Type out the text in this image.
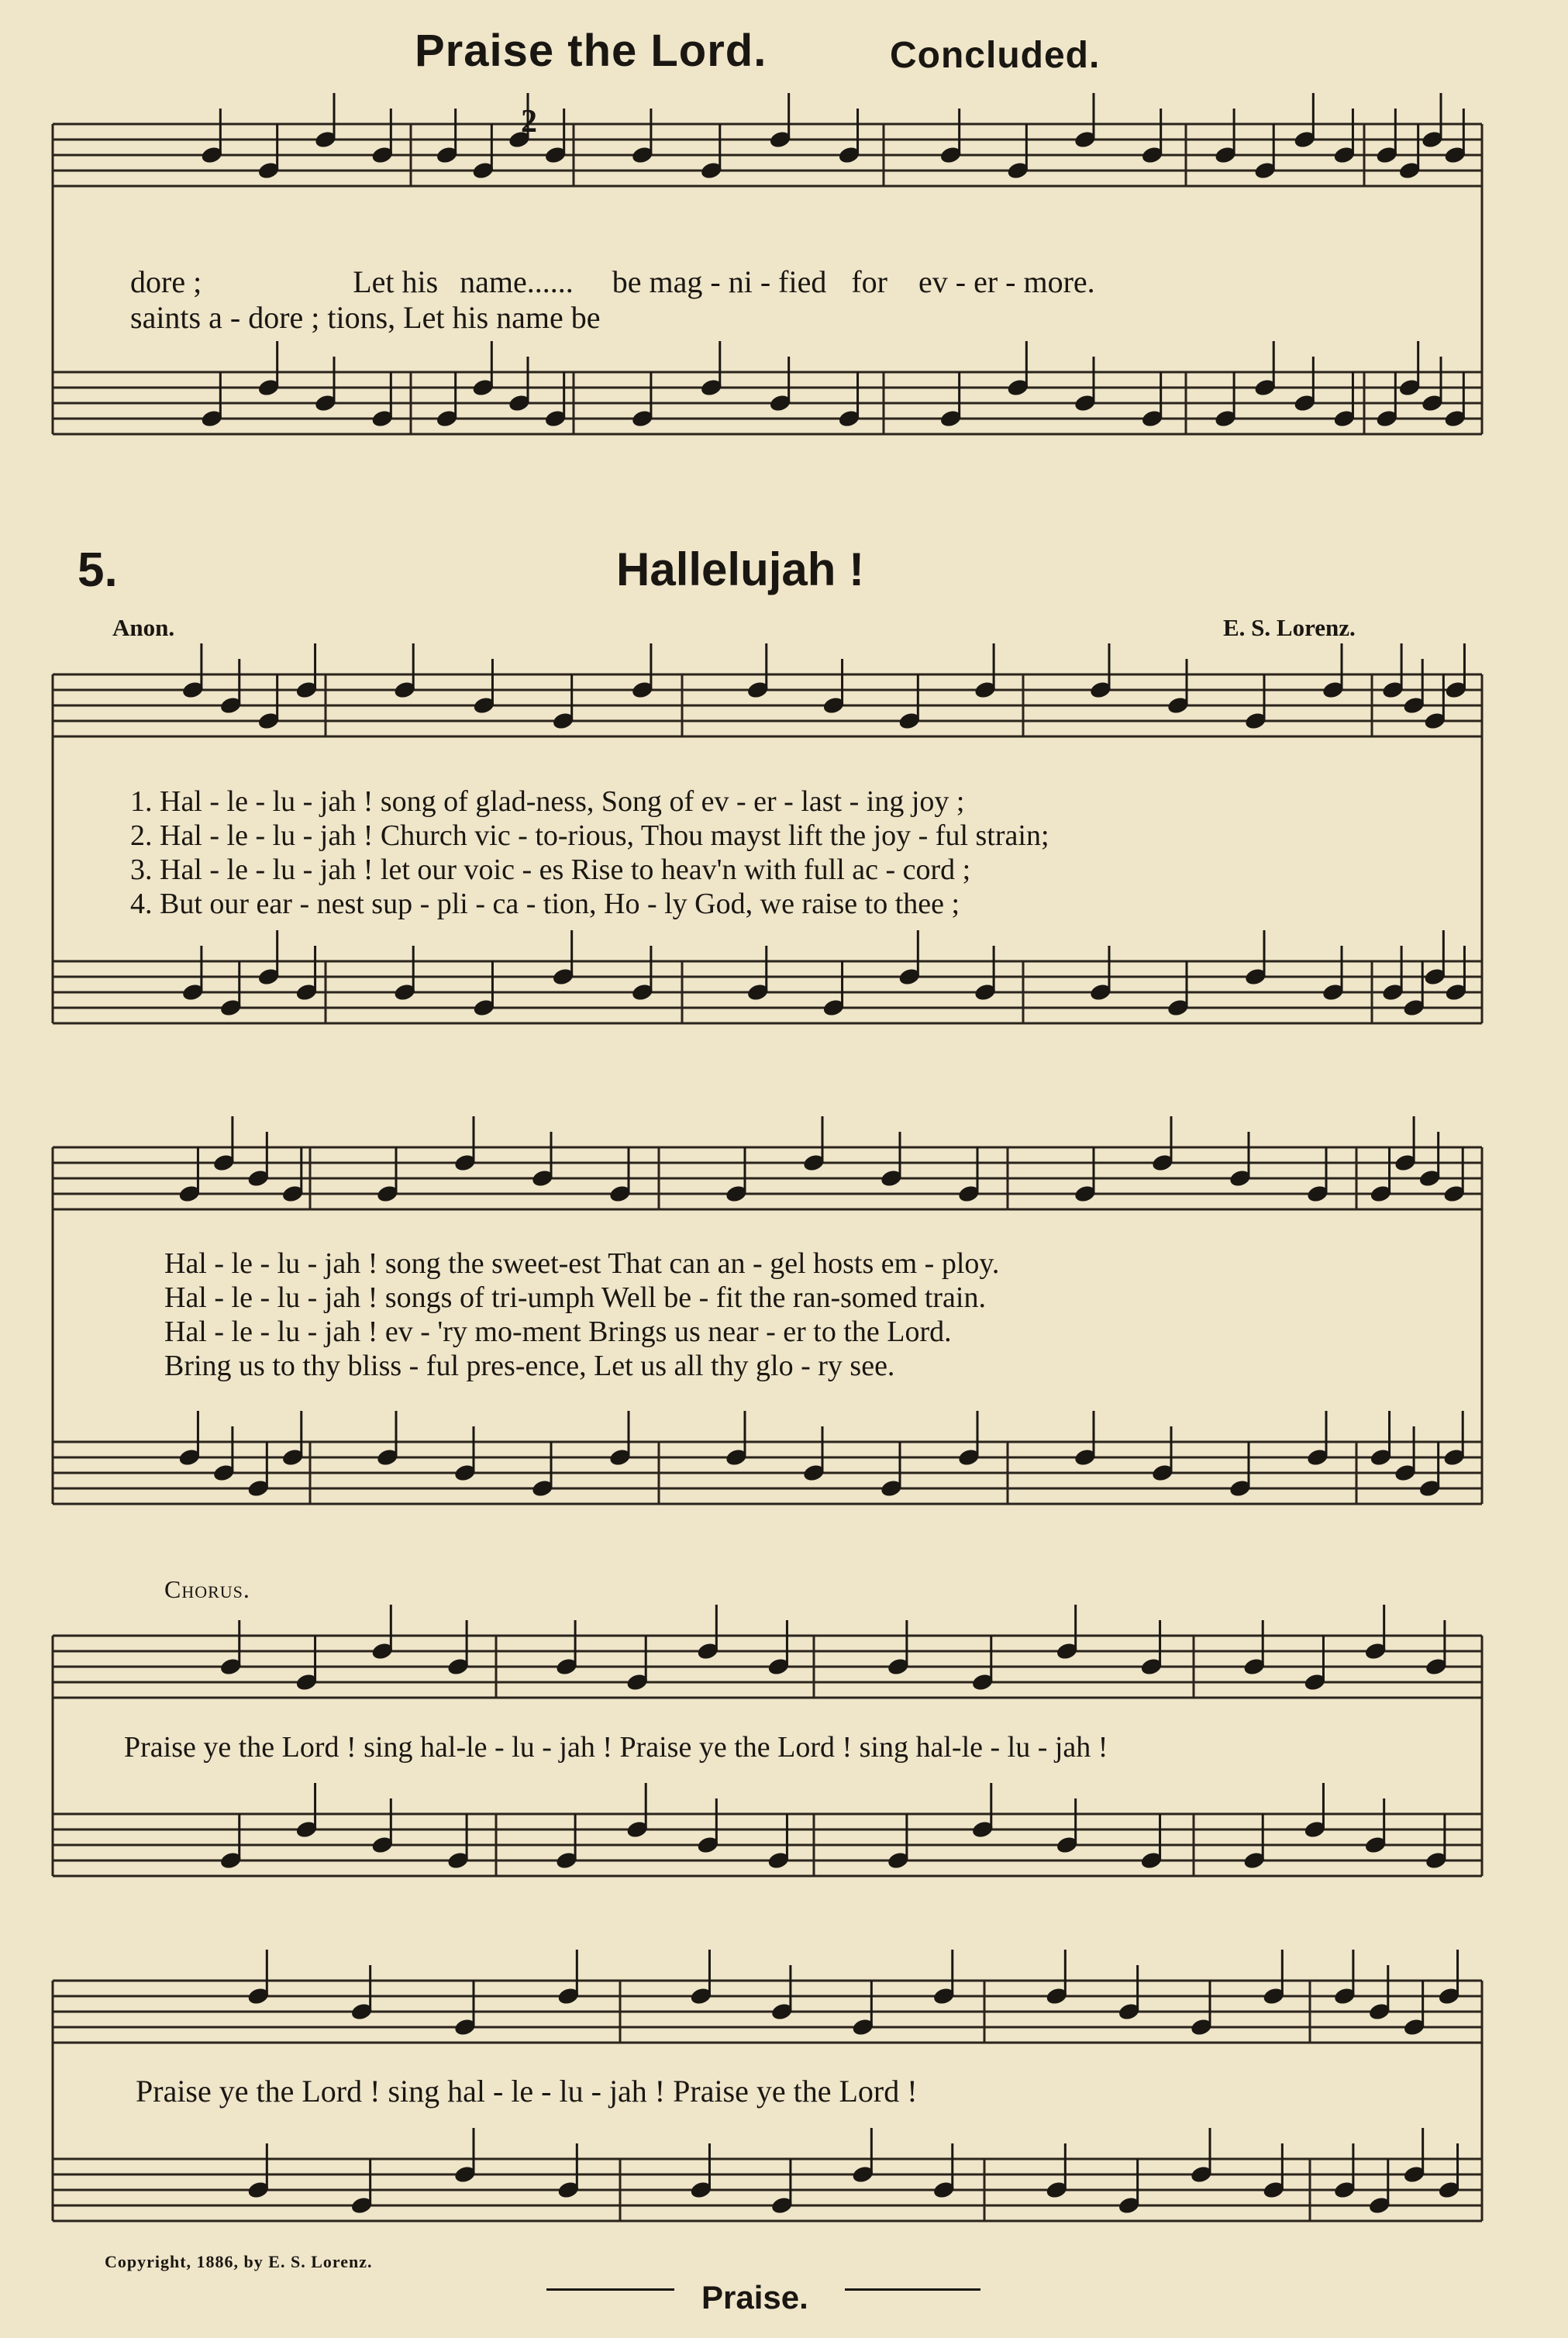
Praise the Lord.	Concluded.
2
dore ;	Let his name...... be mag - ni - fied for ev - er - more.
saints a - dore ; tions, Let his name be
5.	Hallelujah !
Anon.	E. S. Lorenz.
1. Hal - le - lu - jah ! song of glad-ness, Song of ev - er - last - ing joy ;
2. Hal - le - lu - jah ! Church vic - to-rious, Thou mayst lift the joy - ful strain;
3. Hal - le - lu - jah ! let our voic - es Rise to heav'n with full ac - cord ;
4. But our ear - nest sup - pli - ca - tion, Ho - ly God, we raise to thee ;
Hal - le - lu - jah ! song the sweet-est That can an - gel hosts em - ploy.
Hal - le - lu - jah ! songs of tri-umph Well be - fit the ran-somed train.
Hal - le - lu - jah ! ev - 'ry mo-ment Brings us near - er to the Lord.
Bring us to thy bliss - ful pres-ence, Let us all thy glo - ry see.
Chorus.
Praise ye the Lord ! sing hal-le - lu - jah ! Praise ye the Lord ! sing hal-le - lu - jah !
Praise ye the Lord ! sing hal - le - lu - jah ! Praise ye the Lord !
Copyright, 1886, by E. S. Lorenz.
Praise.
